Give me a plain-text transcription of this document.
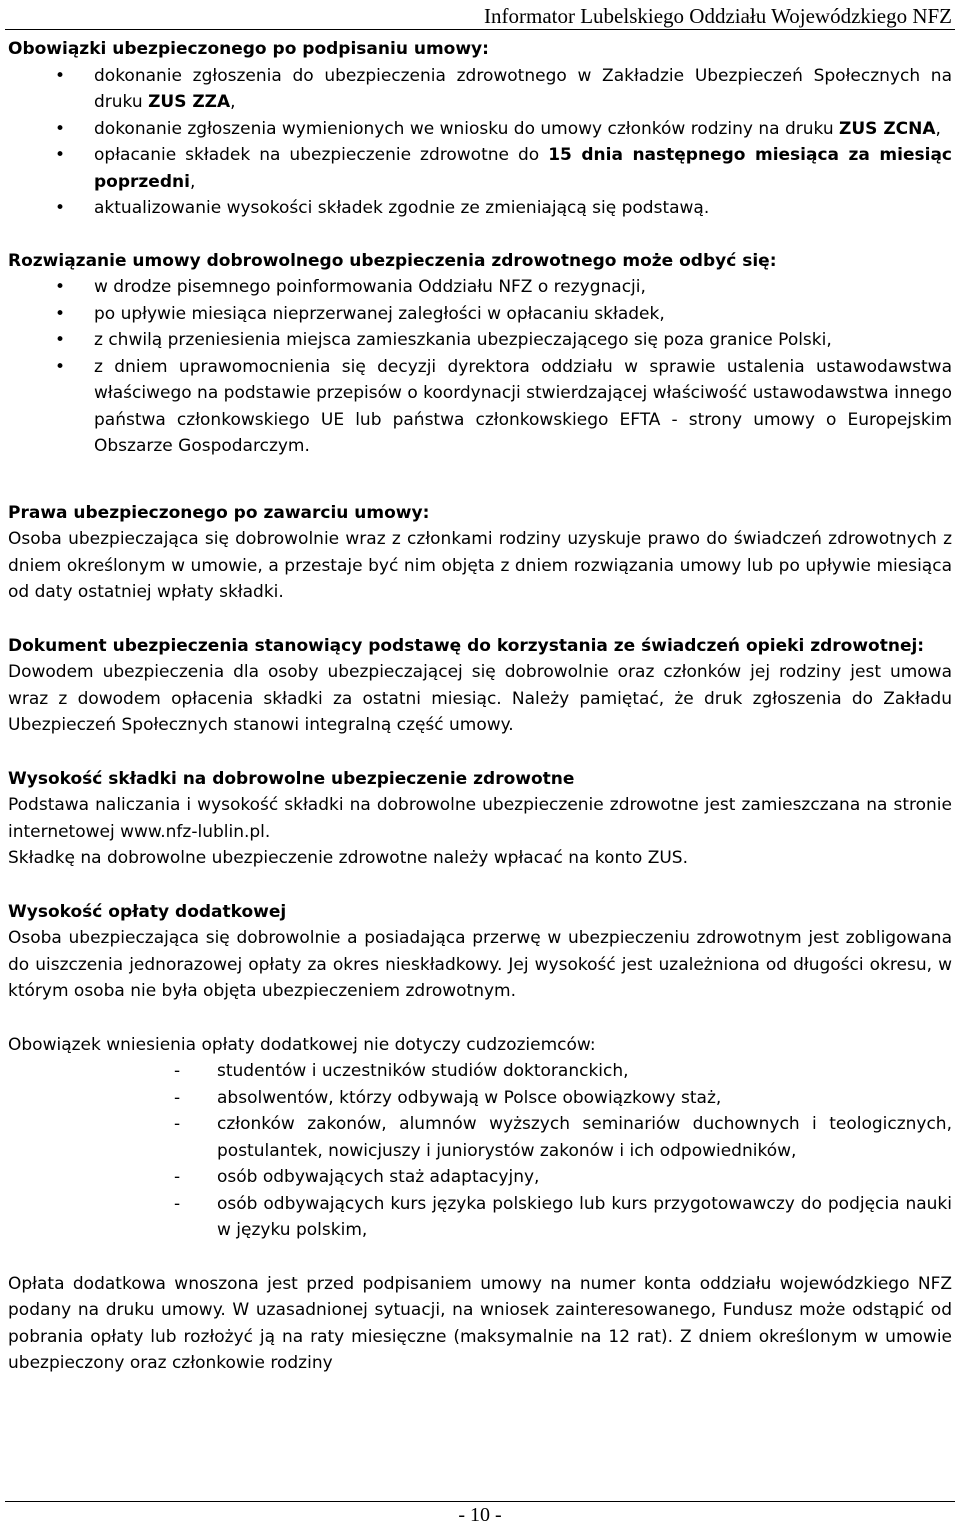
Informator Lubelskiego Oddziału Wojewódzkiego NFZ
Obowiązki ubezpieczonego po podpisaniu umowy:
• dokonanie zgłoszenia do ubezpieczenia zdrowotnego w Zakładzie Ubezpieczeń Społecznych na druku ZUS ZZA,
• dokonanie zgłoszenia wymienionych we wniosku do umowy członków rodziny na druku ZUS ZCNA,
• opłacanie składek na ubezpieczenie zdrowotne do 15 dnia następnego miesiąca za miesiąc poprzedni,
• aktualizowanie wysokości składek zgodnie ze zmieniającą się podstawą.
Rozwiązanie umowy dobrowolnego ubezpieczenia zdrowotnego może odbyć się:
• w drodze pisemnego poinformowania Oddziału NFZ o rezygnacji,
• po upływie miesiąca nieprzerwanej zaległości w opłacaniu składek,
• z chwilą przeniesienia miejsca zamieszkania ubezpieczającego się poza granice Polski,
• z dniem uprawomocnienia się decyzji dyrektora oddziału w sprawie ustalenia ustawodawstwa właściwego na podstawie przepisów o koordynacji stwierdzającej właściwość ustawodawstwa innego państwa członkowskiego UE lub państwa członkowskiego EFTA - strony umowy o Europejskim Obszarze Gospodarczym.
Prawa ubezpieczonego po zawarciu umowy:

Osoba ubezpieczająca się dobrowolnie wraz z członkami rodziny uzyskuje prawo do świadczeń zdrowotnych z dniem określonym w umowie, a przestaje być nim objęta z dniem rozwiązania umowy lub po upływie miesiąca od daty ostatniej wpłaty składki.

Dokument ubezpieczenia stanowiący podstawę do korzystania ze świadczeń opieki zdrowotnej:

Dowodem ubezpieczenia dla osoby ubezpieczającej się dobrowolnie oraz członków jej rodziny jest umowa wraz z dowodem opłacenia składki za ostatni miesiąc. Należy pamiętać, że druk zgłoszenia do Zakładu Ubezpieczeń Społecznych stanowi integralną część umowy.

Wysokość składki na dobrowolne ubezpieczenie zdrowotne

Podstawa naliczania i wysokość składki na dobrowolne ubezpieczenie zdrowotne jest zamieszczana na stronie internetowej www.nfz-lublin.pl.

Składkę na dobrowolne ubezpieczenie zdrowotne należy wpłacać na konto ZUS.

Wysokość opłaty dodatkowej

Osoba ubezpieczająca się dobrowolnie a posiadająca przerwę w ubezpieczeniu zdrowotnym jest zobligowana do uiszczenia jednorazowej opłaty za okres nieskładkowy. Jej wysokość jest uzależniona od długości okresu, w którym osoba nie była objęta ubezpieczeniem zdrowotnym.

Obowiązek wniesienia opłaty dodatkowej nie dotyczy cudzoziemców:

- studentów i uczestników studiów doktoranckich,
- absolwentów, którzy odbywają w Polsce obowiązkowy staż,
- członków zakonów, alumnów wyższych seminariów duchownych i teologicznych, postulantek, nowicjuszy i juniorystów zakonów i ich odpowiedników,
- osób odbywających staż adaptacyjny,
- osób odbywających kurs języka polskiego lub kurs przygotowawczy do podjęcia nauki w języku polskim,

Opłata dodatkowa wnoszona jest przed podpisaniem umowy na numer konta oddziału wojewódzkiego NFZ podany na druku umowy. W uzasadnionej sytuacji, na wniosek zainteresowanego, Fundusz może odstąpić od pobrania opłaty lub rozłożyć ją na raty miesięczne (maksymalnie na 12 rat). Z dniem określonym w umowie ubezpieczony oraz członkowie rodziny

- 10 -
